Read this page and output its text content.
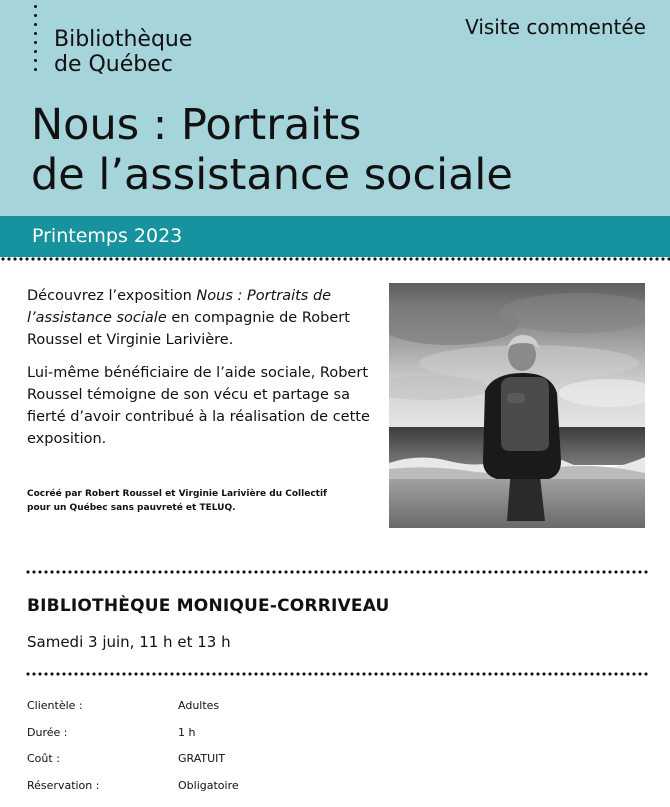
Bibliothèque
de Québec
Visite commentée
Nous : Portraits
de l’assistance sociale
Printemps 2023

Découvrez l’exposition Nous : Portraits de l’assistance sociale en compagnie de Robert Roussel et Virginie Larivière.

Lui-même bénéficiaire de l’aide sociale, Robert Roussel témoigne de son vécu et partage sa fierté d’avoir contribué à la réalisation de cette exposition.

Cocréé par Robert Roussel et Virginie Larivière du Collectif
pour un Québec sans pauvreté et TELUQ.
BIBLIOTHÈQUE MONIQUE-CORRIVEAU
Samedi 3 juin, 11 h et 13 h
Clientèle :	Adultes
Durée :	1 h
Coût :	GRATUIT
Réservation :	Obligatoire
